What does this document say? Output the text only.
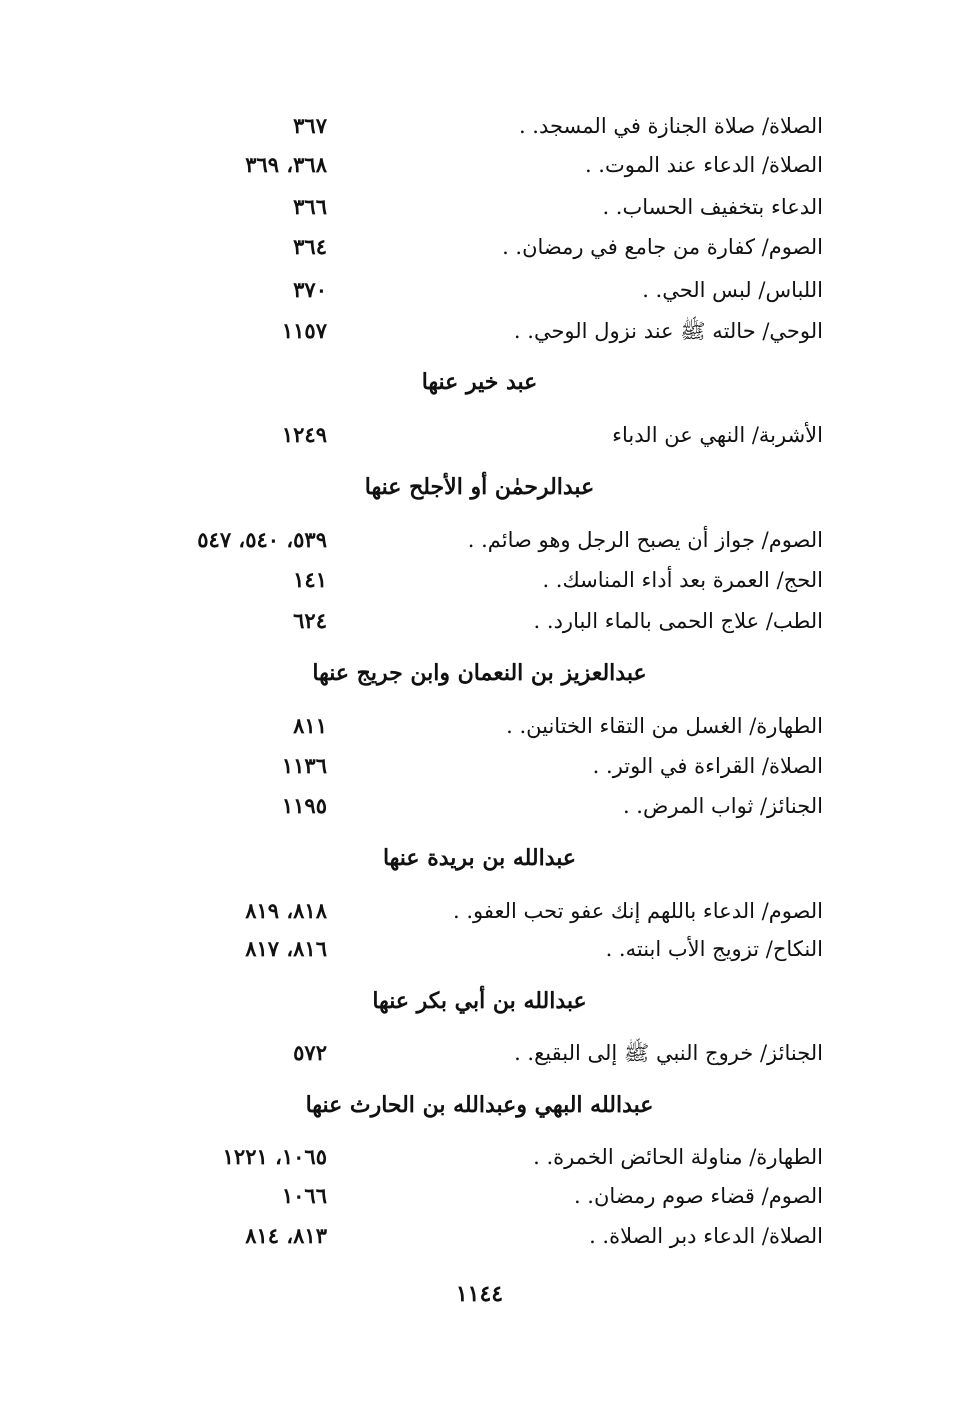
الصلاة/ صلاة الجنازة في المسجد. .
٣٦٧
الصلاة/ الدعاء عند الموت. .
٣٦٨، ٣٦٩
الدعاء بتخفيف الحساب. .
٣٦٦
الصوم/ كفارة من جامع في رمضان. .
٣٦٤
اللباس/ لبس الحي. .
٣٧٠
الوحي/ حالته ﷺ عند نزول الوحي. .
١١٥٧
عبد خير عنها
الأشربة/ النهي عن الدباء
١٢٤٩
عبدالرحمٰن أو الأجلح عنها
الصوم/ جواز أن يصبح الرجل وهو صائم. .
٥٣٩، ٥٤٠، ٥٤٧
الحج/ العمرة بعد أداء المناسك. .
١٤١
الطب/ علاج الحمى بالماء البارد. .
٦٢٤
عبدالعزيز بن النعمان وابن جريج عنها
الطهارة/ الغسل من التقاء الختانين. .
٨١١
الصلاة/ القراءة في الوتر. .
١١٣٦
الجنائز/ ثواب المرض. .
١١٩٥
عبدالله بن بريدة عنها
الصوم/ الدعاء باللهم إنك عفو تحب العفو. .
٨١٨، ٨١٩
النكاح/ تزويج الأب ابنته. .
٨١٦، ٨١٧
عبدالله بن أبي بكر عنها
الجنائز/ خروج النبي ﷺ إلى البقيع. .
٥٧٢
عبدالله البهي وعبدالله بن الحارث عنها
الطهارة/ مناولة الحائض الخمرة. .
١٠٦٥، ١٢٢١
الصوم/ قضاء صوم رمضان. .
١٠٦٦
الصلاة/ الدعاء دبر الصلاة. .
٨١٣، ٨١٤
١١٤٤
